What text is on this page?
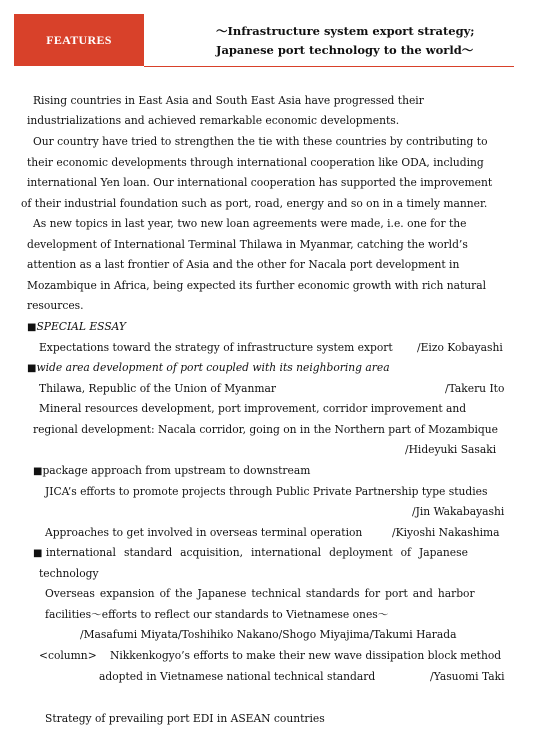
FEATURES
～Infrastructure system export strategy;
Japanese port technology to the world～
Rising countries in East Asia and South East Asia have progressed their
industrializations and achieved remarkable economic developments.
Our country have tried to strengthen the tie with these countries by contributing to
their economic developments through international cooperation like ODA, including
international Yen loan. Our international cooperation has supported the improvement
of their industrial foundation such as port, road, energy and so on in a timely manner.
As new topics in last year, two new loan agreements were made, i.e. one for the
development of International Terminal Thilawa in Myanmar, catching the world’s
attention as a last frontier of Asia and the other for Nacala port development in
Mozambique in Africa, being expected its further economic growth with rich natural
resources.
■SPECIAL ESSAY
Expectations toward the strategy of infrastructure system export /Eizo Kobayashi
■wide area development of port coupled with its neighboring area
Thilawa, Republic of the Union of Myanmar	/Takeru Ito
Mineral resources development, port improvement, corridor improvement and
regional development: Nacala corridor, going on in the Northern part of Mozambique
/Hideyuki Sasaki
■package approach from upstream to downstream
JICA’s efforts to promote projects through Public Private Partnership type studies
/Jin Wakabayashi
Approaches to get involved in overseas terminal operation	/Kiyoshi Nakashima
■ international standard acquisition, international deployment of Japanese
technology
Overseas expansion of the Japanese technical standards for port and harbor
facilities～efforts to reflect our standards to Vietnamese ones～
/Masafumi Miyata/Toshihiko Nakano/Shogo Miyajima/Takumi Harada
<column> Nikkenkogyo’s efforts to make their new wave dissipation block method
adopted in Vietnamese national technical standard	/Yasuomi Taki
Strategy of prevailing port EDI in ASEAN countries
